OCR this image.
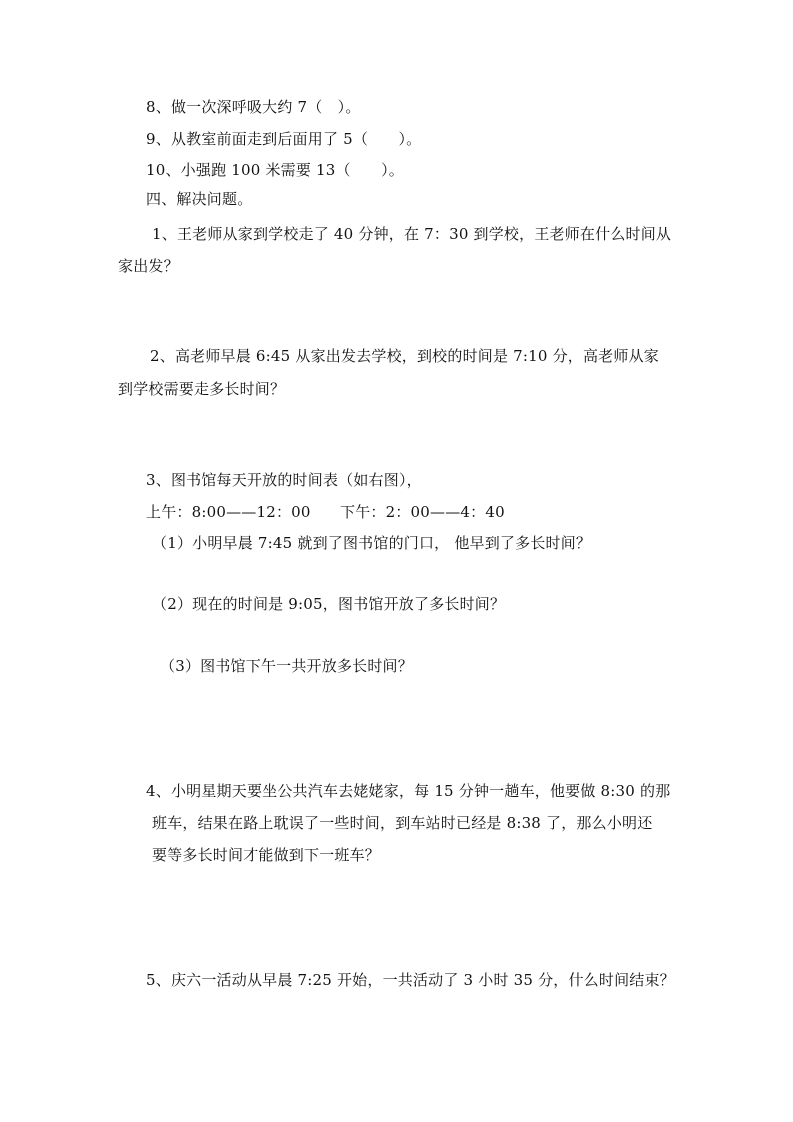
8、做一次深呼吸大约 7（　）。
9、从教室前面走到后面用了 5（　　）。
10、小强跑 100 米需要 13（　　）。
四、解决问题。
1、王老师从家到学校走了 40 分钟，在 7：30 到学校，王老师在什么时间从
家出发？
2、高老师早晨 6:45 从家出发去学校，到校的时间是 7:10 分，高老师从家
到学校需要走多长时间？
3、图书馆每天开放的时间表（如右图），
上午：8:00——12：00 下午：2：00——4：40
（1）小明早晨 7:45 就到了图书馆的门口， 他早到了多长时间？
（2）现在的时间是 9:05，图书馆开放了多长时间？
（3）图书馆下午一共开放多长时间？
4、小明星期天要坐公共汽车去姥姥家，每 15 分钟一趟车，他要做 8:30 的那
班车，结果在路上耽误了一些时间，到车站时已经是 8:38 了，那么小明还
要等多长时间才能做到下一班车？
5、庆六一活动从早晨 7:25 开始，一共活动了 3 小时 35 分，什么时间结束？
